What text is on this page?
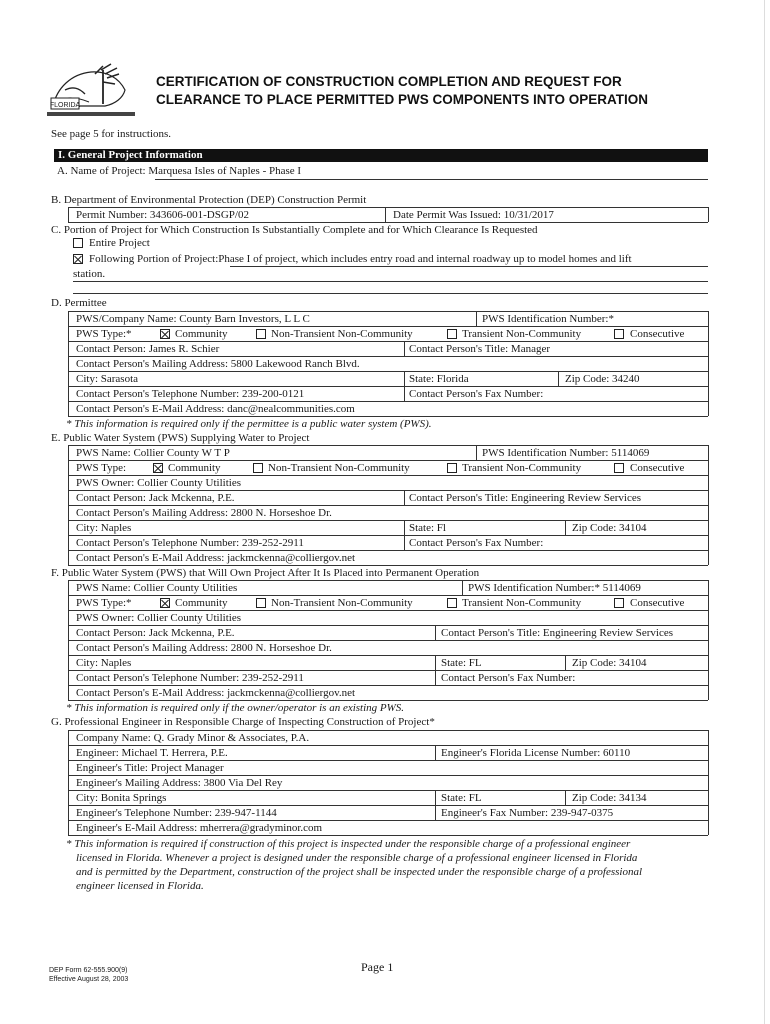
FLORIDA
CERTIFICATION OF CONSTRUCTION COMPLETION AND REQUEST FOR
CLEARANCE TO PLACE PERMITTED PWS COMPONENTS INTO OPERATION
See page 5 for instructions.
I. General Project Information
A. Name of Project: Marquesa Isles of Naples - Phase I
B. Department of Environmental Protection (DEP) Construction Permit
Permit Number: 343606-001-DSGP/02	Date Permit Was Issued: 10/31/2017
C. Portion of Project for Which Construction Is Substantially Complete and for Which Clearance Is Requested
Entire Project
Following Portion of Project:Phase I of project, which includes entry road and internal roadway up to model homes and lift
station.
D. Permittee
PWS/Company Name: County Barn Investors, L L C	PWS Identification Number:*
PWS Type:*	Community	Non-Transient Non-Community	Transient Non-Community	Consecutive
Contact Person: James R. Schier	Contact Person's Title: Manager
Contact Person's Mailing Address: 5800 Lakewood Ranch Blvd.
City: Sarasota	State: Florida	Zip Code: 34240
Contact Person's Telephone Number: 239-200-0121	Contact Person's Fax Number:
Contact Person's E-Mail Address: danc@nealcommunities.com
* This information is required only if the permittee is a public water system (PWS).
E. Public Water System (PWS) Supplying Water to Project
PWS Name: Collier County W T P	PWS Identification Number: 5114069
PWS Type:	Community	Non-Transient Non-Community	Transient Non-Community	Consecutive
PWS Owner: Collier County Utilities
Contact Person: Jack Mckenna, P.E.	Contact Person's Title: Engineering Review Services
Contact Person's Mailing Address: 2800 N. Horseshoe Dr.
City: Naples	State: Fl	Zip Code: 34104
Contact Person's Telephone Number: 239-252-2911	Contact Person's Fax Number:
Contact Person's E-Mail Address: jackmckenna@colliergov.net
F. Public Water System (PWS) that Will Own Project After It Is Placed into Permanent Operation
PWS Name: Collier County Utilities	PWS Identification Number:* 5114069
PWS Type:*	Community	Non-Transient Non-Community	Transient Non-Community	Consecutive
PWS Owner: Collier County Utilities
Contact Person: Jack Mckenna, P.E.	Contact Person's Title: Engineering Review Services
Contact Person's Mailing Address: 2800 N. Horseshoe Dr.
City: Naples	State: FL	Zip Code: 34104
Contact Person's Telephone Number: 239-252-2911	Contact Person's Fax Number:
Contact Person's E-Mail Address: jackmckenna@colliergov.net
* This information is required only if the owner/operator is an existing PWS.
G. Professional Engineer in Responsible Charge of Inspecting Construction of Project*
Company Name: Q. Grady Minor & Associates, P.A.
Engineer: Michael T. Herrera, P.E.	Engineer's Florida License Number: 60110
Engineer's Title: Project Manager
Engineer's Mailing Address: 3800 Via Del Rey
City: Bonita Springs	State: FL	Zip Code: 34134
Engineer's Telephone Number: 239-947-1144	Engineer's Fax Number: 239-947-0375
Engineer's E-Mail Address: mherrera@gradyminor.com
* This information is required if construction of this project is inspected under the responsible charge of a professional engineer
licensed in Florida. Whenever a project is designed under the responsible charge of a professional engineer licensed in Florida
and is permitted by the Department, construction of the project shall be inspected under the responsible charge of a professional
engineer licensed in Florida.
DEP Form 62-555.900(9)
Effective August 28, 2003
Page 1
